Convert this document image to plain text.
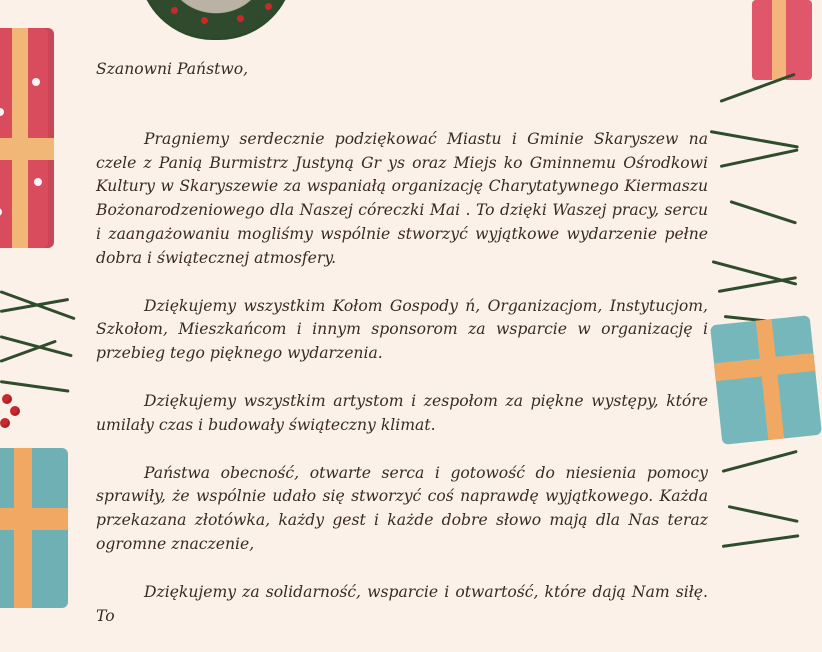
Szanowni Państwo,

Pragniemy serdecznie podziękować Miastu i Gminie Skaryszew na czele z Panią Burmistrz Justyną Gr ys oraz Miejs ko Gminnemu Ośrodkowi Kultury w Skaryszewie za wspaniałą organizację Charytatywnego Kiermaszu Bożonarodzeniowego dla Naszej córeczki Mai . To dzięki Waszej pracy, sercu i zaangażowaniu mogliśmy wspólnie stworzyć wyjątkowe wydarzenie pełne dobra i świątecznej atmosfery.

Dziękujemy wszystkim Kołom Gospody ń, Organizacjom, Instytucjom, Szkołom, Mieszkańcom i innym sponsorom za wsparcie w organizację i przebieg tego pięknego wydarzenia.

Dziękujemy wszystkim artystom i zespołom za piękne występy, które umilały czas i budowały świąteczny klimat.

Państwa obecność, otwarte serca i gotowość do niesienia pomocy sprawiły, że wspólnie udało się stworzyć coś naprawdę wyjątkowego. Każda przekazana złotówka, każdy gest i każde dobre słowo mają dla Nas teraz ogromne znaczenie,

Dziękujemy za solidarność, wsparcie i otwartość, które dają Nam siłę. To
